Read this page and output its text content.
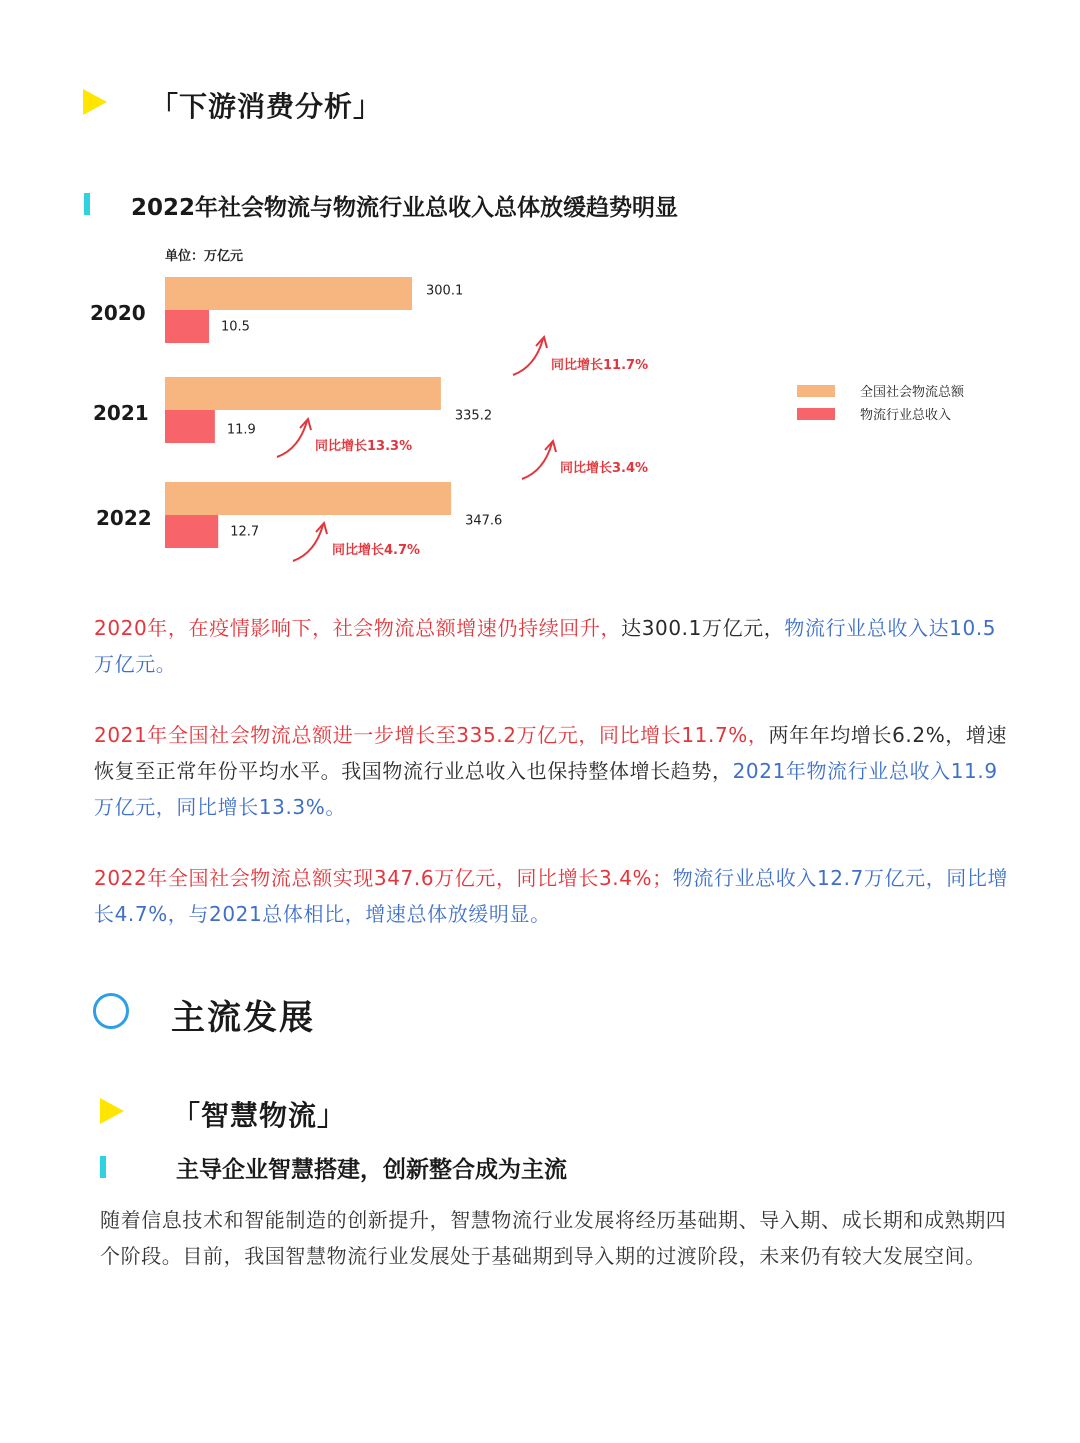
「下游消费分析」
2022年社会物流与物流行业总收入总体放缓趋势明显
单位：万亿元
2020
2021
2022
300.1
10.5
335.2
11.9
347.6
12.7
同比增长11.7%
同比增长3.4%
同比增长13.3%
同比增长4.7%
全国社会物流总额
物流行业总收入
2020年，在疫情影响下，社会物流总额增速仍持续回升，达300.1万亿元，物流行业总收入达10.5万亿元。
2021年全国社会物流总额进一步增长至335.2万亿元，同比增长11.7%，两年年均增长6.2%，增速恢复至正常年份平均水平。我国物流行业总收入也保持整体增长趋势，2021年物流行业总收入11.9万亿元，同比增长13.3%。
2022年全国社会物流总额实现347.6万亿元，同比增长3.4%；物流行业总收入12.7万亿元，同比增长4.7%，与2021总体相比，增速总体放缓明显。
主流发展
「智慧物流」
主导企业智慧搭建，创新整合成为主流
随着信息技术和智能制造的创新提升，智慧物流行业发展将经历基础期、导入期、成长期和成熟期四个阶段。目前，我国智慧物流行业发展处于基础期到导入期的过渡阶段，未来仍有较大发展空间。
